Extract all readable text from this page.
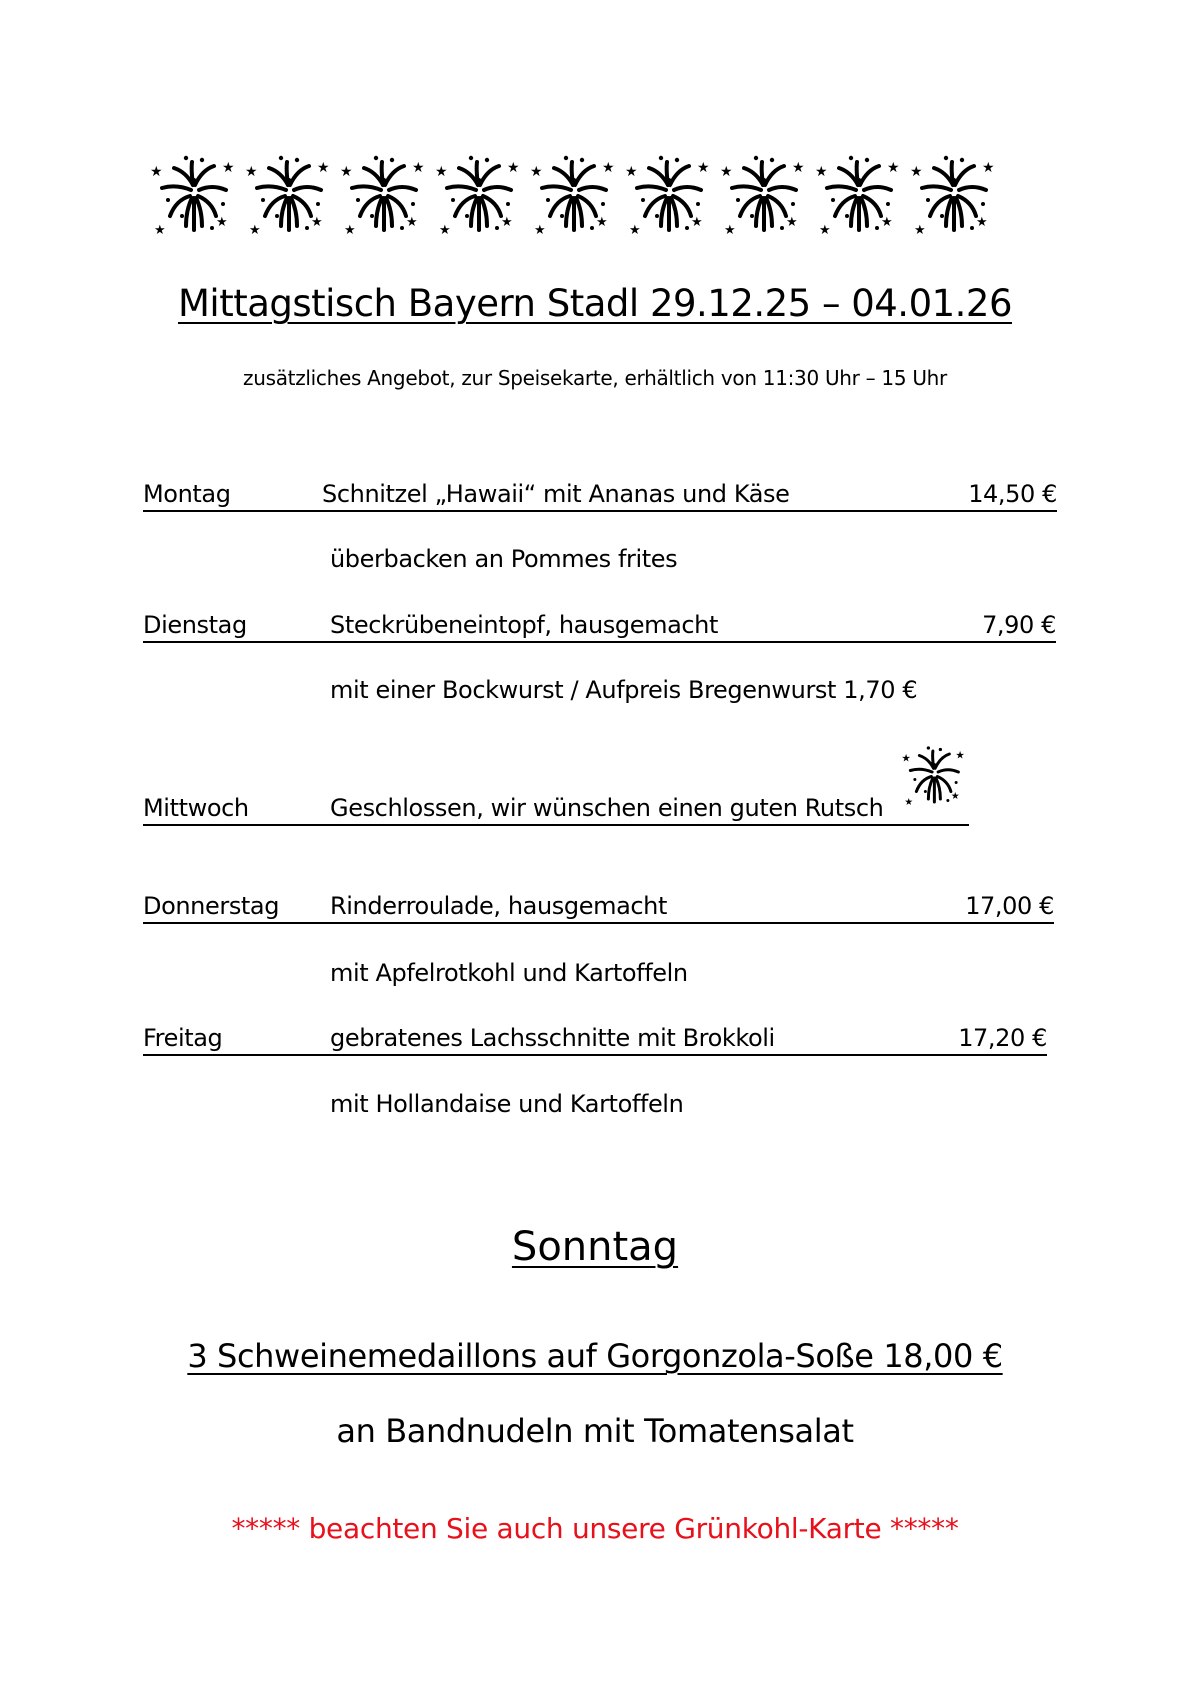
Mittagstisch Bayern Stadl 29.12.25 – 04.01.26
zusätzliches Angebot, zur Speisekarte, erhältlich von 11:30 Uhr – 15 Uhr
Montag	Schnitzel „Hawaii“ mit Ananas und Käse	14,50 €
überbacken an Pommes frites
Dienstag	Steckrübeneintopf, hausgemacht	7,90 €
mit einer Bockwurst / Aufpreis Bregenwurst 1,70 €
Mittwoch	Geschlossen, wir wünschen einen guten Rutsch
Donnerstag Rinderroulade, hausgemacht	17,00 €
mit Apfelrotkohl und Kartoffeln
Freitag	gebratenes Lachsschnitte mit Brokkoli	17,20 €
mit Hollandaise und Kartoffeln
Sonntag
3 Schweinemedaillons auf Gorgonzola-Soße 18,00 €
an Bandnudeln mit Tomatensalat
***** beachten Sie auch unsere Grünkohl-Karte *****
